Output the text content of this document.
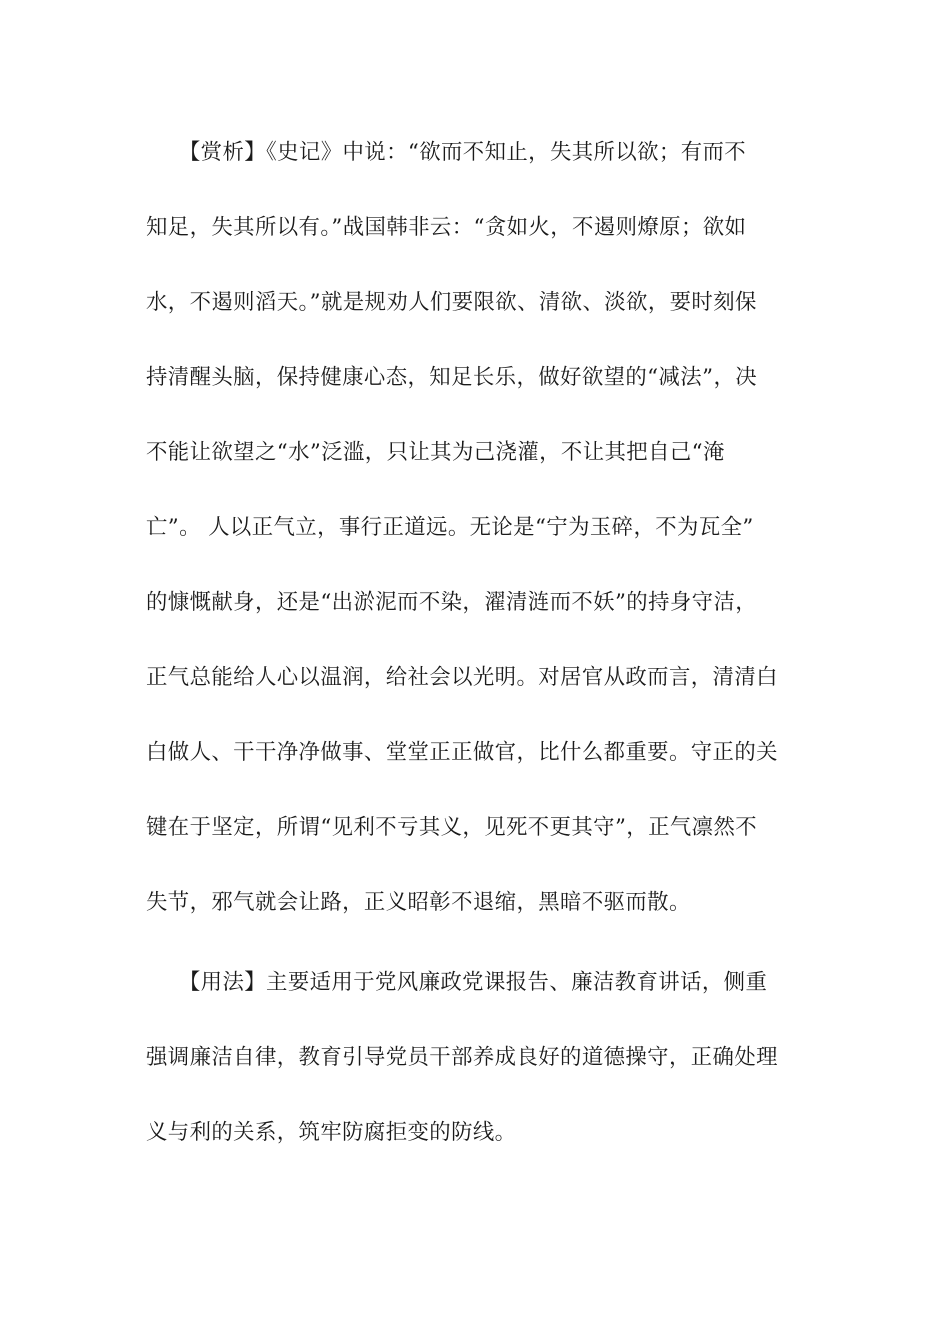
　　【赏析】《史记》中说：“欲而不知止，失其所以欲；有而不
知足，失其所以有。”战国韩非云：“贪如火，不遏则燎原；欲如
水，不遏则滔天。”就是规劝人们要限欲、清欲、淡欲，要时刻保
持清醒头脑，保持健康心态，知足长乐，做好欲望的“减法”，决
不能让欲望之“水”泛滥，只让其为己浇灌，不让其把自己“淹
亡”。 人以正气立，事行正道远。无论是“宁为玉碎，不为瓦全”
的慷慨献身，还是“出淤泥而不染，濯清涟而不妖”的持身守洁，
正气总能给人心以温润，给社会以光明。对居官从政而言，清清白
白做人、干干净净做事、堂堂正正做官，比什么都重要。守正的关
键在于坚定，所谓“见利不亏其义，见死不更其守”，正气凛然不
失节，邪气就会让路，正义昭彰不退缩，黑暗不驱而散。
　　【用法】主要适用于党风廉政党课报告、廉洁教育讲话，侧重
强调廉洁自律，教育引导党员干部养成良好的道德操守，正确处理
义与利的关系，筑牢防腐拒变的防线。
